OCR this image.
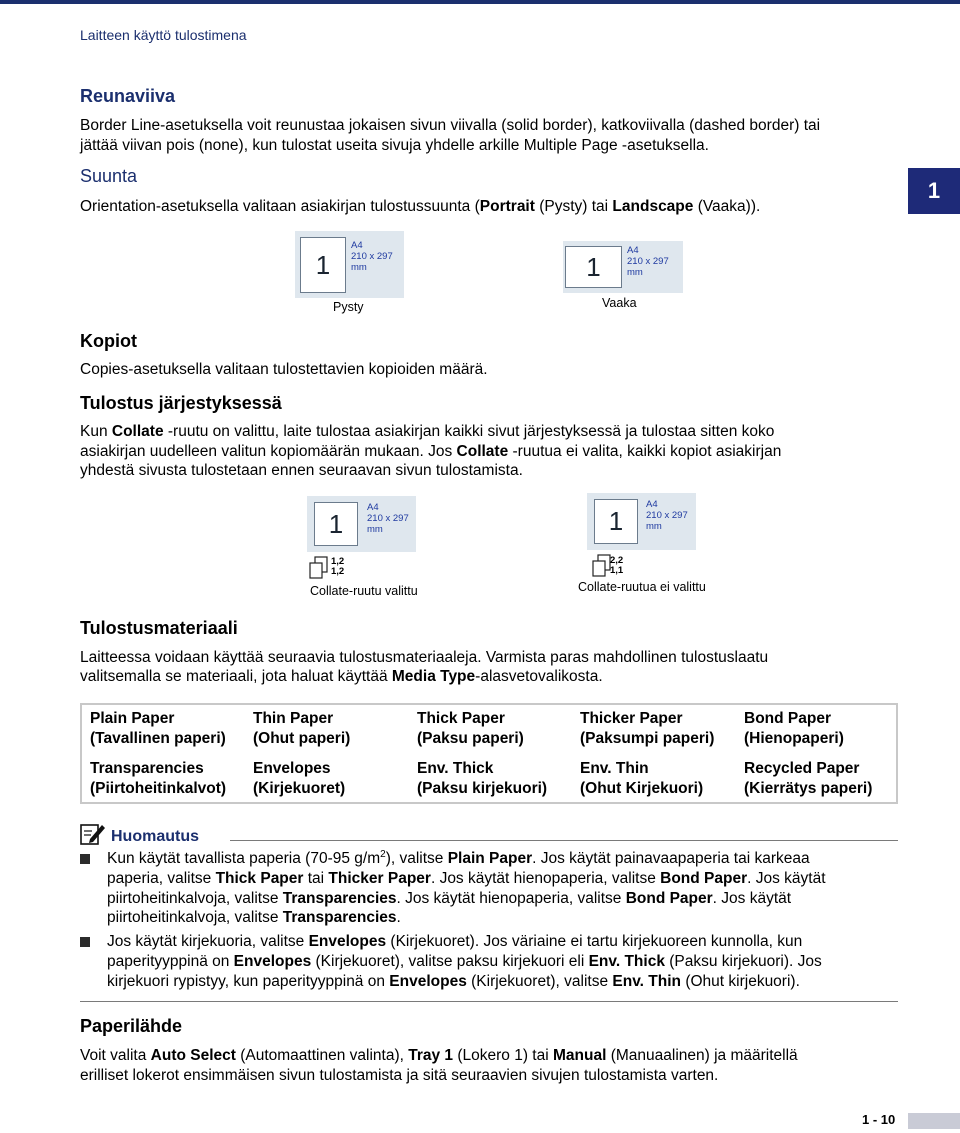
Laitteen käyttö tulostimena
1
Reunaviiva
Border Line-asetuksella voit reunustaa jokaisen sivun viivalla (solid border), katkoviivalla (dashed border) tai
jättää viivan pois (none), kun tulostat useita sivuja yhdelle arkille Multiple Page -asetuksella.
Suunta
Orientation-asetuksella valitaan asiakirjan tulostussuunta (Portrait (Pysty) tai Landscape (Vaaka)).
1
A4
210 x 297 mm
Pysty
1
A4
210 x 297 mm
Vaaka
Kopiot
Copies-asetuksella valitaan tulostettavien kopioiden määrä.
Tulostus järjestyksessä
Kun Collate -ruutu on valittu, laite tulostaa asiakirjan kaikki sivut järjestyksessä ja tulostaa sitten koko
asiakirjan uudelleen valitun kopiomäärän mukaan. Jos Collate -ruutua ei valita, kaikki kopiot asiakirjan
yhdestä sivusta tulostetaan ennen seuraavan sivun tulostamista.
1
A4
210 x 297 mm
1,2
1,2
Collate-ruutu valittu
1
A4
210 x 297 mm
2,2
1,1
Collate-ruutua ei valittu
Tulostusmateriaali
Laitteessa voidaan käyttää seuraavia tulostusmateriaaleja. Varmista paras mahdollinen tulostuslaatu
valitsemalla se materiaali, jota haluat käyttää Media Type-alasvetovalikosta.
Plain Paper
(Tavallinen paperi)
Thin Paper
(Ohut paperi)
Thick Paper
(Paksu paperi)
Thicker Paper
(Paksumpi paperi)
Bond Paper
(Hienopaperi)
Transparencies
(Piirtoheitinkalvot)
Envelopes
(Kirjekuoret)
Env. Thick
(Paksu kirjekuori)
Env. Thin
(Ohut Kirjekuori)
Recycled Paper
(Kierrätys paperi)
Huomautus
Kun käytät tavallista paperia (70-95 $g/m^2$), valitse Plain Paper. Jos käytät painavaapaperia tai karkeaa
paperia, valitse Thick Paper tai Thicker Paper. Jos käytät hienopaperia, valitse Bond Paper. Jos käytät
piirtoheitinkalvoja, valitse Transparencies. Jos käytät hienopaperia, valitse Bond Paper. Jos käytät
piirtoheitinkalvoja, valitse Transparencies.
Jos käytät kirjekuoria, valitse Envelopes (Kirjekuoret). Jos väriaine ei tartu kirjekuoreen kunnolla, kun
paperityyppinä on Envelopes (Kirjekuoret), valitse paksu kirjekuori eli Env. Thick (Paksu kirjekuori). Jos
kirjekuori rypistyy, kun paperityyppinä on Envelopes (Kirjekuoret), valitse Env. Thin (Ohut kirjekuori).
Paperilähde
Voit valita Auto Select (Automaattinen valinta), Tray 1 (Lokero 1) tai Manual (Manuaalinen) ja määritellä
erilliset lokerot ensimmäisen sivun tulostamista ja sitä seuraavien sivujen tulostamista varten.
1 - 10
